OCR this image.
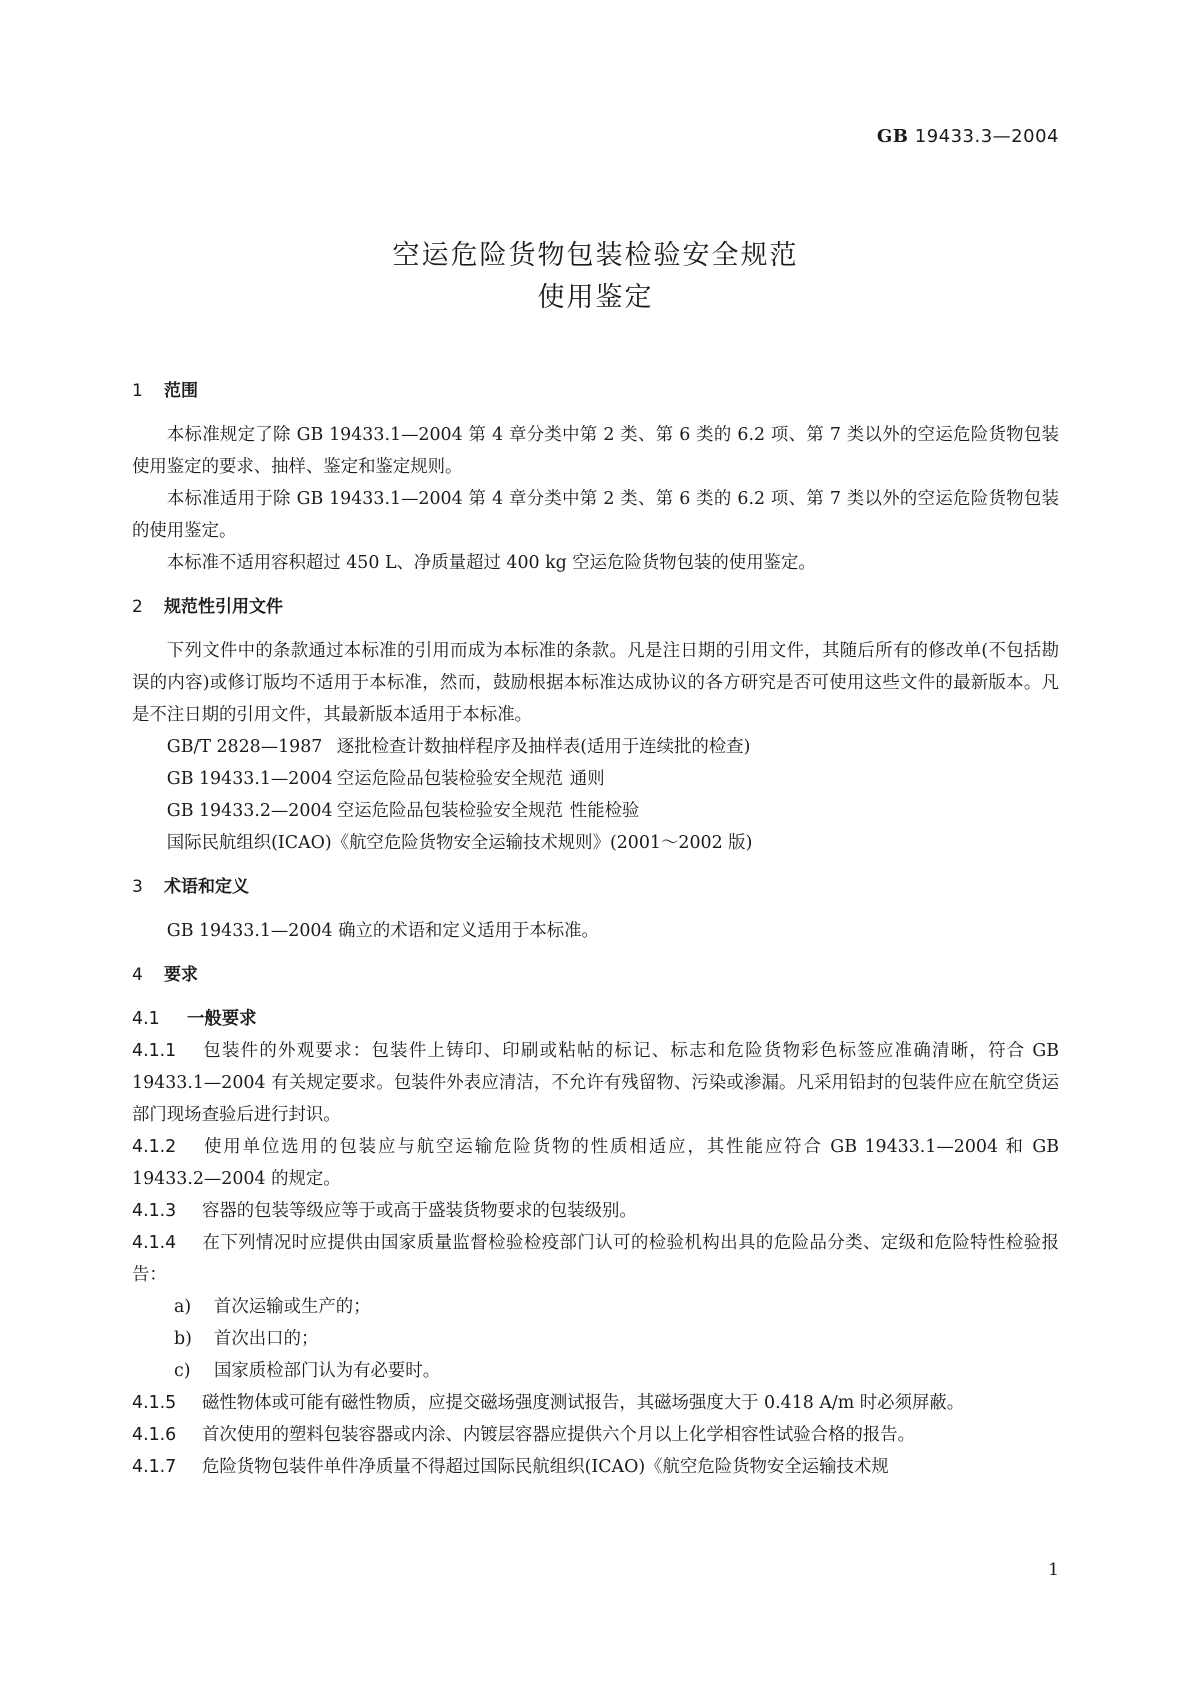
GB 19433.3—2004
空运危险货物包装检验安全规范
使用鉴定
1 范围

本标准规定了除 GB 19433.1—2004 第 4 章分类中第 2 类、第 6 类的 6.2 项、第 7 类以外的空运危险货物包装使用鉴定的要求、抽样、鉴定和鉴定规则。

本标准适用于除 GB 19433.1—2004 第 4 章分类中第 2 类、第 6 类的 6.2 项、第 7 类以外的空运危险货物包装的使用鉴定。

本标准不适用容积超过 450 L、净质量超过 400 kg 空运危险货物包装的使用鉴定。

2 规范性引用文件

下列文件中的条款通过本标准的引用而成为本标准的条款。凡是注日期的引用文件，其随后所有的修改单(不包括勘误的内容)或修订版均不适用于本标准，然而，鼓励根据本标准达成协议的各方研究是否可使用这些文件的最新版本。凡是不注日期的引用文件，其最新版本适用于本标准。

GB/T 2828—1987 逐批检查计数抽样程序及抽样表(适用于连续批的检查)

GB 19433.1—2004 空运危险品包装检验安全规范 通则

GB 19433.2—2004 空运危险品包装检验安全规范 性能检验

国际民航组织(ICAO)《航空危险货物安全运输技术规则》(2001～2002 版)

3 术语和定义

GB 19433.1—2004 确立的术语和定义适用于本标准。

4 要求

4.1 一般要求

4.1.1 包装件的外观要求：包装件上铸印、印刷或粘帖的标记、标志和危险货物彩色标签应准确清晰，符合 GB 19433.1—2004 有关规定要求。包装件外表应清洁，不允许有残留物、污染或渗漏。凡采用铅封的包装件应在航空货运部门现场查验后进行封识。

4.1.2 使用单位选用的包装应与航空运输危险货物的性质相适应，其性能应符合 GB 19433.1—2004 和 GB 19433.2—2004 的规定。

4.1.3 容器的包装等级应等于或高于盛装货物要求的包装级别。

4.1.4 在下列情况时应提供由国家质量监督检验检疫部门认可的检验机构出具的危险品分类、定级和危险特性检验报告：

a) 首次运输或生产的；

b) 首次出口的；

c) 国家质检部门认为有必要时。

4.1.5 磁性物体或可能有磁性物质，应提交磁场强度测试报告，其磁场强度大于 0.418 A/m 时必须屏蔽。

4.1.6 首次使用的塑料包装容器或内涂、内镀层容器应提供六个月以上化学相容性试验合格的报告。

4.1.7 危险货物包装件单件净质量不得超过国际民航组织(ICAO)《航空危险货物安全运输技术规

1
